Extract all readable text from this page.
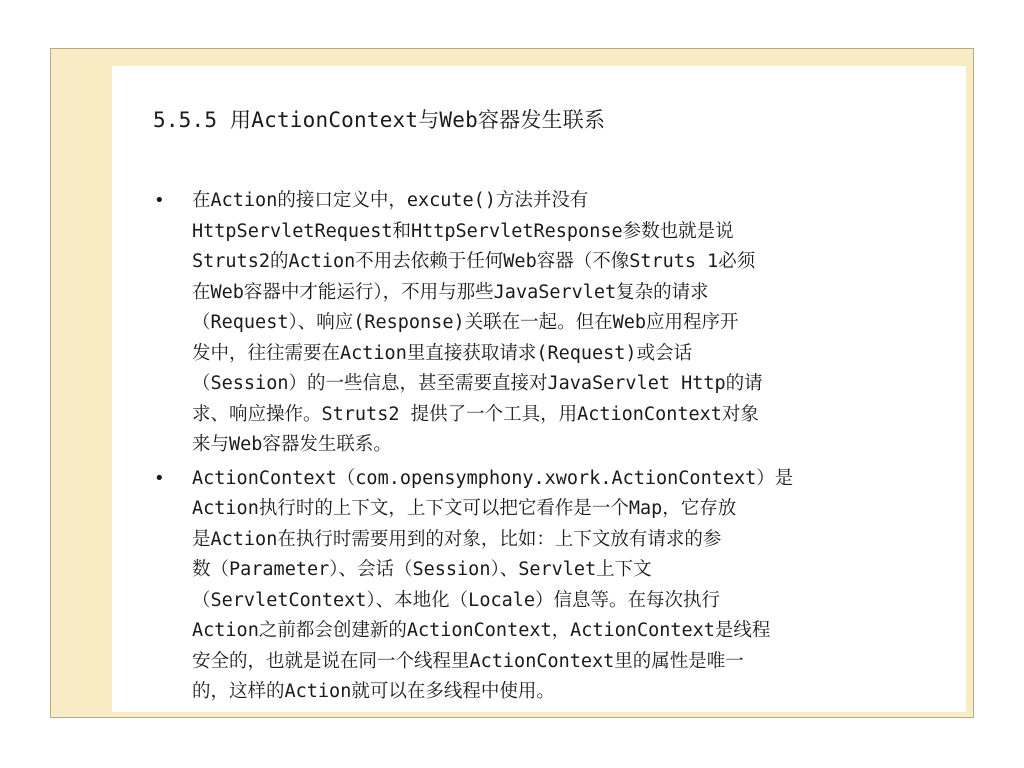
5.5.5 用ActionContext与Web容器发生联系
• 在Action的接口定义中，excute()方法并没有
HttpServletRequest和HttpServletResponse参数也就是说
Struts2的Action不用去依赖于任何Web容器（不像Struts 1必须
在Web容器中才能运行），不用与那些JavaServlet复杂的请求
（Request）、响应(Response)关联在一起。但在Web应用程序开
发中，往往需要在Action里直接获取请求(Request)或会话
（Session）的一些信息，甚至需要直接对JavaServlet Http的请
求、响应操作。Struts2 提供了一个工具，用ActionContext对象
来与Web容器发生联系。
• ActionContext（com.opensymphony.xwork.ActionContext）是
Action执行时的上下文，上下文可以把它看作是一个Map，它存放
是Action在执行时需要用到的对象，比如：上下文放有请求的参
数（Parameter）、会话（Session）、Servlet上下文
（ServletContext）、本地化（Locale）信息等。在每次执行
Action之前都会创建新的ActionContext，ActionContext是线程
安全的，也就是说在同一个线程里ActionContext里的属性是唯一
的，这样的Action就可以在多线程中使用。
